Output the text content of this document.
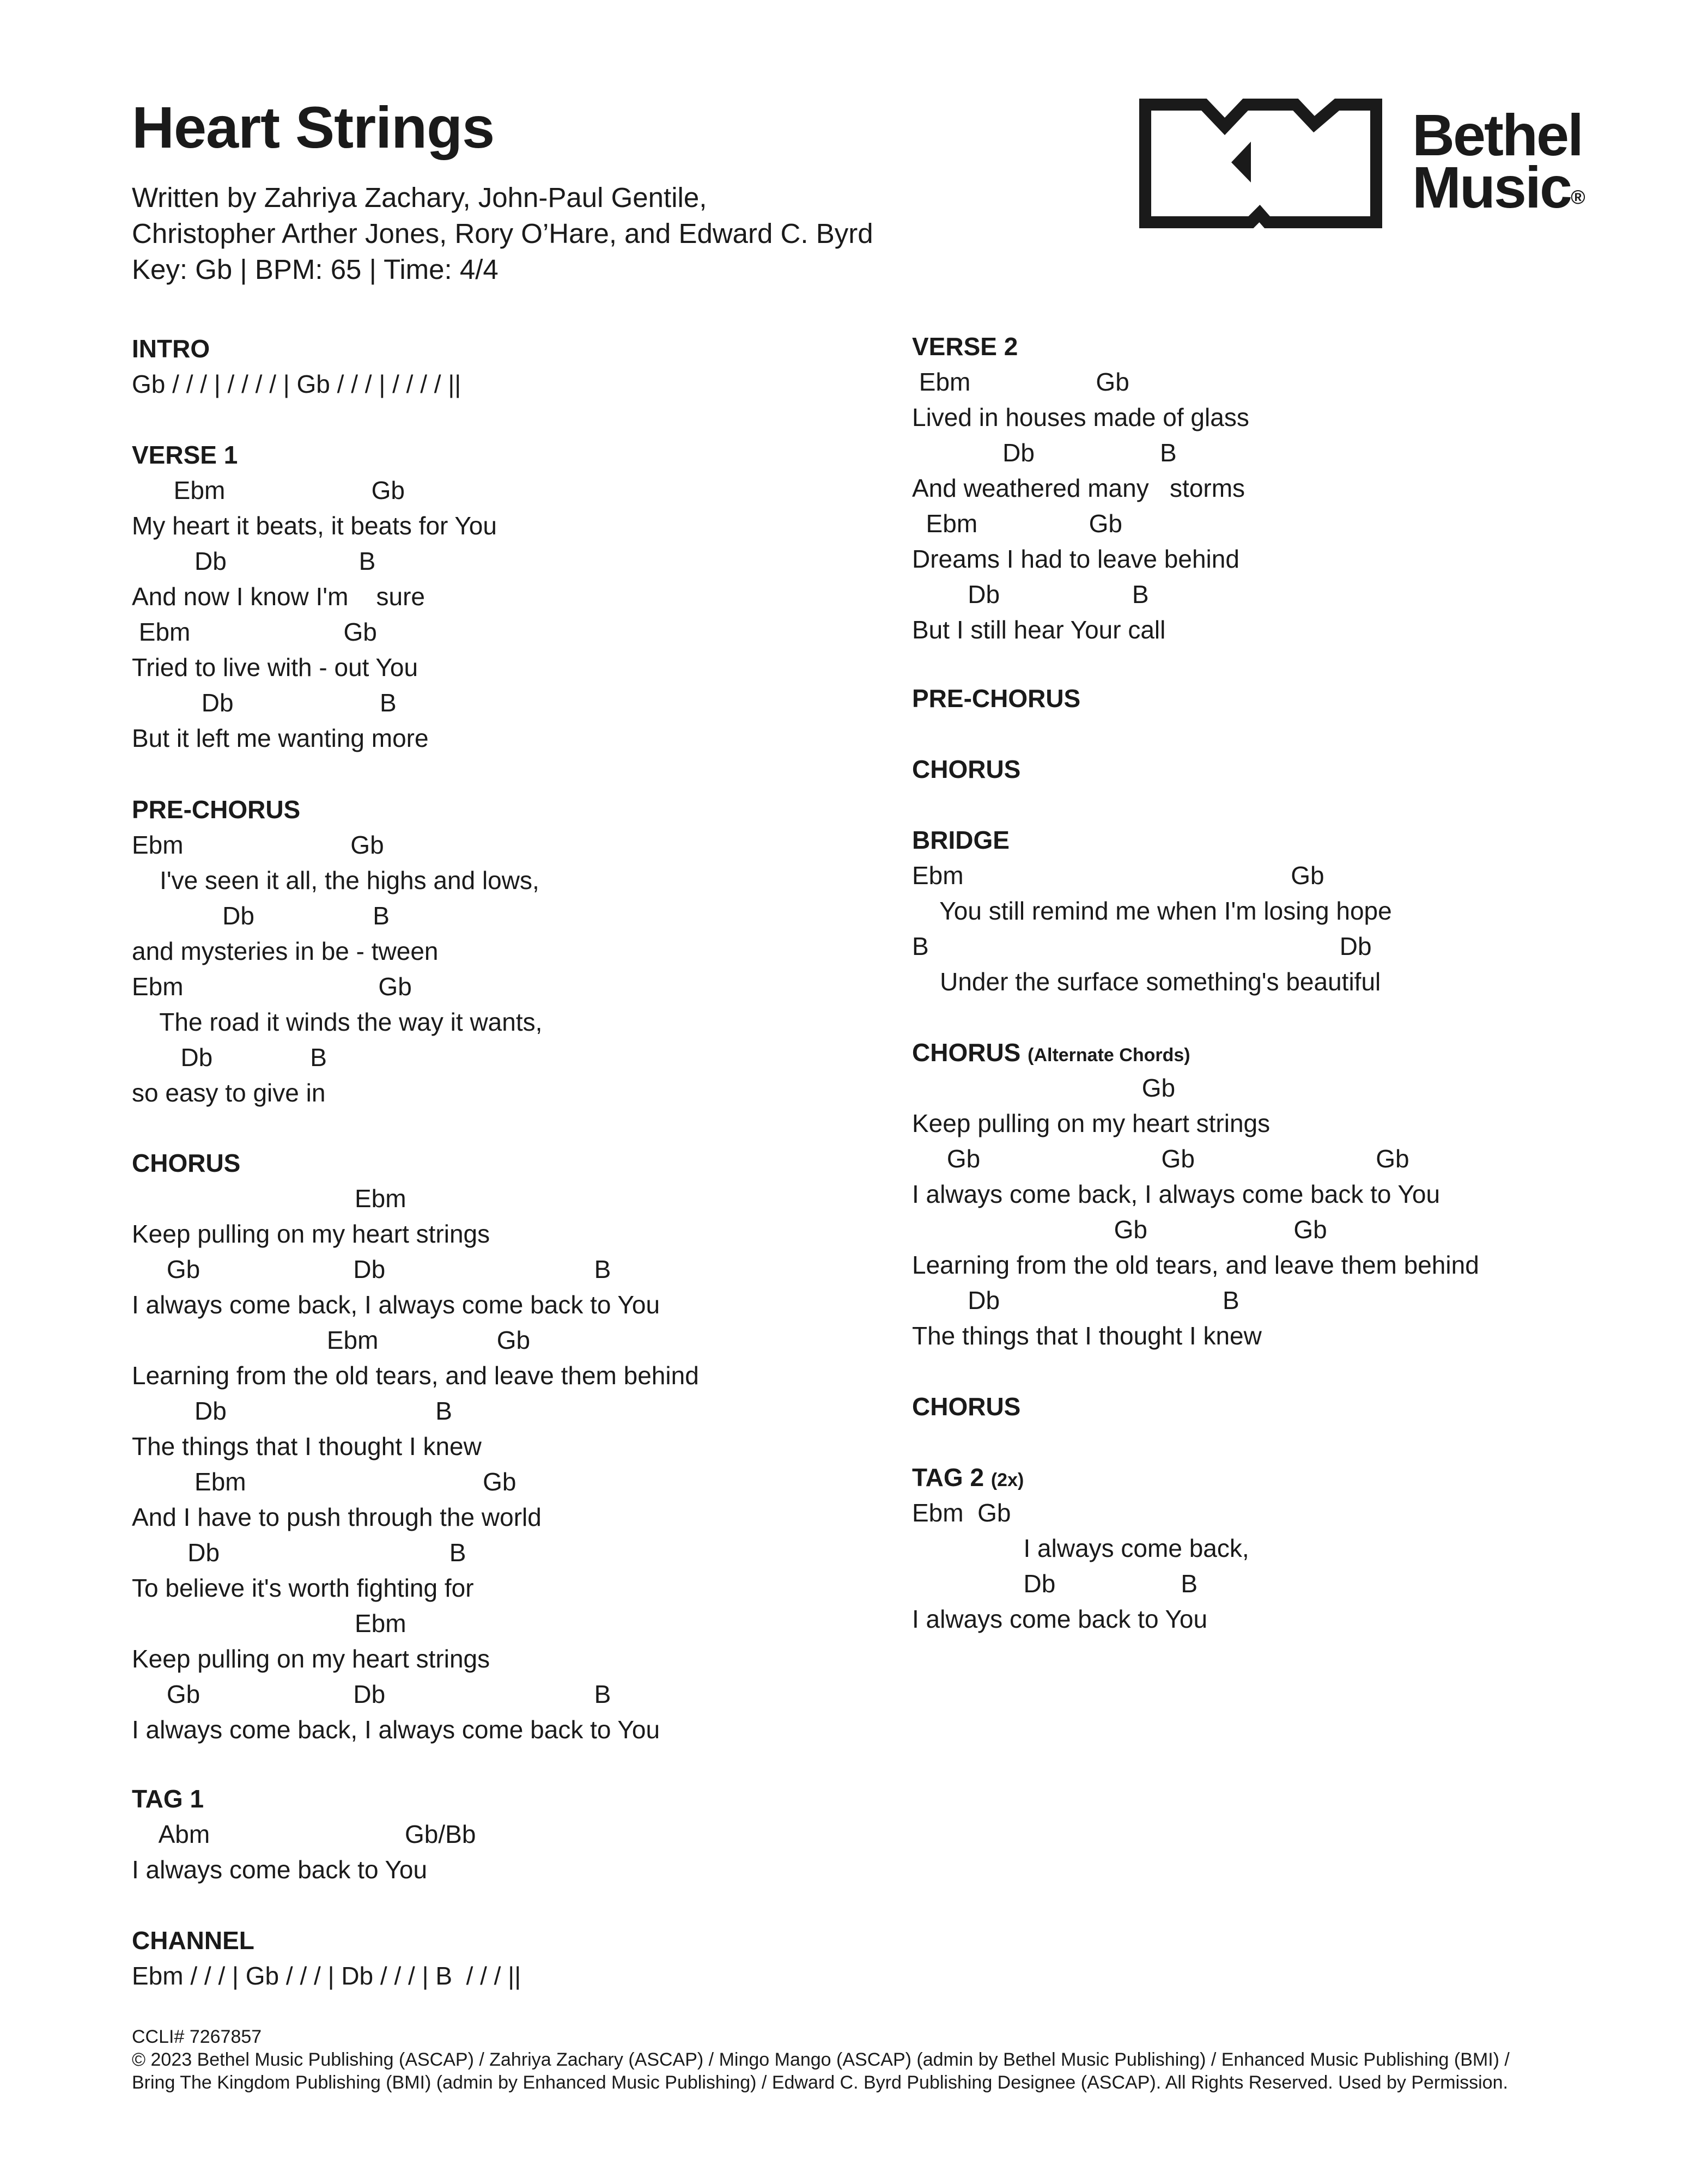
Heart Strings
Written by Zahriya Zachary, John-Paul Gentile,
Christopher Arther Jones, Rory O’Hare, and Edward C. Byrd
Key: Gb | BPM: 65 | Time: 4/4
Bethel
Music®
INTRO
Gb / / / | / / / / | Gb / / / | / / / / ||
VERSE 1
Ebm                     Gb
My heart it beats, it beats for You
Db                   B
And now I know I'm    sure
Ebm                      Gb
Tried to live with - out You
Db                     B
But it left me wanting more
PRE-CHORUS
Ebm                        Gb
I've seen it all, the highs and lows,
Db                 B
and mysteries in be - tween
Ebm                            Gb
The road it winds the way it wants,
Db              B
so easy to give in
CHORUS
Ebm
Keep pulling on my heart strings
Gb                      Db                              B
I always come back, I always come back to You
Ebm                 Gb
Learning from the old tears, and leave them behind
Db                              B
The things that I thought I knew
Ebm                                  Gb
And I have to push through the world
Db                                 B
To believe it's worth fighting for
Ebm
Keep pulling on my heart strings
Gb                      Db                              B
I always come back, I always come back to You
TAG 1
Abm                            Gb/Bb
I always come back to You
CHANNEL
Ebm / / / | Gb / / / | Db / / / | B  / / / ||
VERSE 2
Ebm                  Gb
Lived in houses made of glass
Db                  B
And weathered many   storms
Ebm                Gb
Dreams I had to leave behind
Db                   B
But I still hear Your call
PRE-CHORUS
CHORUS
BRIDGE
Ebm                                               Gb
You still remind me when I'm losing hope
B                                                           Db
Under the surface something's beautiful
CHORUS (Alternate Chords)
Gb
Keep pulling on my heart strings
Gb                          Gb                          Gb
I always come back, I always come back to You
Gb                     Gb
Learning from the old tears, and leave them behind
Db                                B
The things that I thought I knew
CHORUS
TAG 2 (2x)
Ebm  Gb
I always come back,
Db                  B
I always come back to You
CCLI# 7267857
© 2023 Bethel Music Publishing (ASCAP) / Zahriya Zachary (ASCAP) / Mingo Mango (ASCAP) (admin by Bethel Music Publishing) / Enhanced Music Publishing (BMI) /
Bring The Kingdom Publishing (BMI) (admin by Enhanced Music Publishing) / Edward C. Byrd Publishing Designee (ASCAP). All Rights Reserved. Used by Permission.
